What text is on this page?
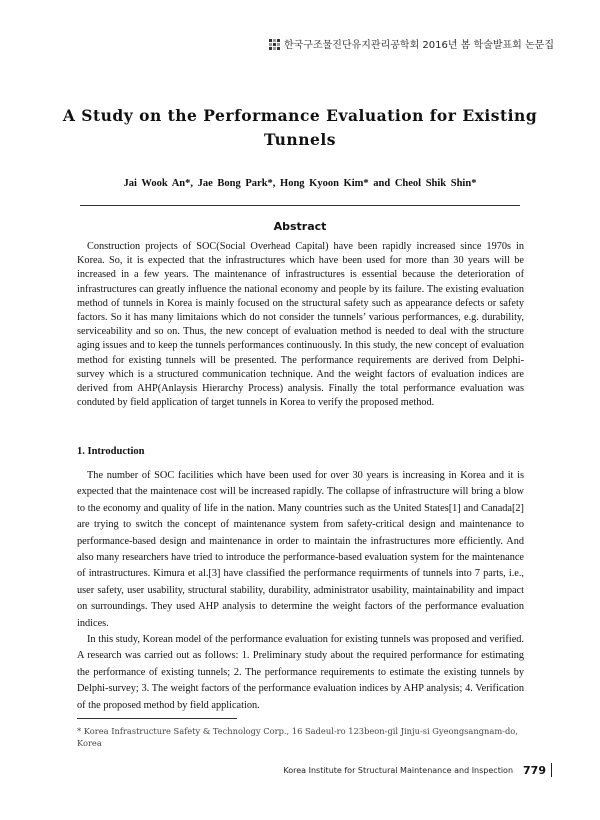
한국구조물진단유지관리공학회 2016년 봄 학술발표회 논문집
A Study on the Performance Evaluation for Existing Tunnels
Jai Wook An*, Jae Bong Park*, Hong Kyoon Kim* and Cheol Shik Shin*
Abstract

Construction projects of SOC(Social Overhead Capital) have been rapidly increased since 1970s in Korea. So, it is expected that the infrastructures which have been used for more than 30 years will be increased in a few years. The maintenance of infrastructures is essential because the deterioration of infrastructures can greatly influence the national economy and people by its failure. The existing evaluation method of tunnels in Korea is mainly focused on the structural safety such as appearance defects or safety factors. So it has many limitaions which do not consider the tunnels’ various performances, e.g. durability, serviceability and so on. Thus, the new concept of evaluation method is needed to deal with the structure aging issues and to keep the tunnels performances continuously. In this study, the new concept of evaluation method for existing tunnels will be presented. The performance requirements are derived from Delphi-survey which is a structured communication technique. And the weight factors of evaluation indices are derived from AHP(Anlaysis Hierarchy Process) analysis. Finally the total performance evaluation was conduted by field application of target tunnels in Korea to verify the proposed method.

1. Introduction

The number of SOC facilities which have been used for over 30 years is increasing in Korea and it is expected that the maintenace cost will be increased rapidly. The collapse of infrastructure will bring a blow to the economy and quality of life in the nation. Many countries such as the United States[1] and Canada[2] are trying to switch the concept of maintenance system from safety-critical design and maintenance to performance-based design and maintenance in order to maintain the infrastructures more efficiently. And also many researchers have tried to introduce the performance-based evaluation system for the maintenance of intrastructures. Kimura et al.[3] have classified the performance requirments of tunnels into 7 parts, i.e., user safety, user usability, structural stability, durability, administrator usability, maintainability and impact on surroundings. They used AHP analysis to determine the weight factors of the performance evaluation indices.

In this study, Korean model of the performance evaluation for existing tunnels was proposed and verified. A research was carried out as follows: 1. Preliminary study about the required performance for estimating the performance of existing tunnels; 2. The performance requirements to estimate the existing tunnels by Delphi-survey; 3. The weight factors of the performance evaluation indices by AHP analysis; 4. Verification of the proposed method by field application.

* Korea Infrastructure Safety & Technology Corp., 16 Sadeul-ro 123beon-gil Jinju-si Gyeongsangnam-do, Korea

Korea Institute for Structural Maintenance and Inspection 779
